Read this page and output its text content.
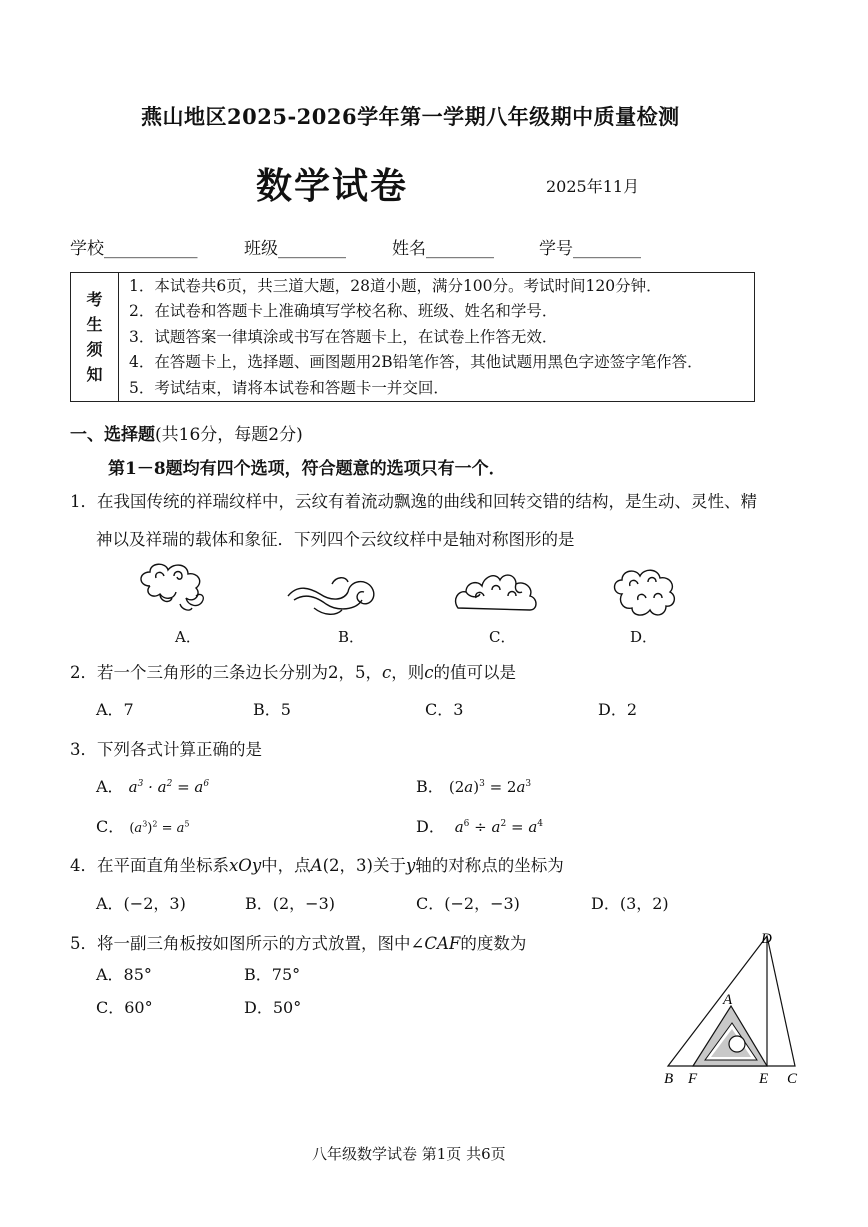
燕山地区2025-2026学年第一学期八年级期中质量检测
数学试卷	2025年11月
学校___________	班级________	姓名________	学号________
考
生
须
知
1．本试卷共6页，共三道大题，28道小题，满分100分。考试时间120分钟．
2．在试卷和答题卡上准确填写学校名称、班级、姓名和学号．
3．试题答案一律填涂或书写在答题卡上，在试卷上作答无效．
4．在答题卡上，选择题、画图题用2B铅笔作答，其他试题用黑色字迹签字笔作答．
5．考试结束，请将本试卷和答题卡一并交回．
一、选择题(共16分，每题2分)
第1－8题均有四个选项，符合题意的选项只有一个．
1．在我国传统的祥瑞纹样中，云纹有着流动飘逸的曲线和回转交错的结构，是生动、灵性、精
神以及祥瑞的载体和象征．下列四个云纹纹样中是轴对称图形的是
A．	B．	C．	D．
2．若一个三角形的三条边长分别为2，5，c，则c的值可以是
A．7	B．5	C．3	D．2
3．下列各式计算正确的是
A． $a^3 \cdot a^2 = a^6$	B． $(2a)^3 = 2a^3$
C． $(a^3)^2 = a^5$	D． $a^6 \div a^2 = a^4$
4．在平面直角坐标系xOy中，点A(2，3)关于y轴的对称点的坐标为
A．(−2，3)	B．(2，−3)	C．(−2，−3)	D．(3，2)
5．将一副三角板按如图所示的方式放置，图中∠CAF的度数为
A．85°	B．75°
C．60°	D．50°
D
A
B F	E C
八年级数学试卷 第1页 共6页
